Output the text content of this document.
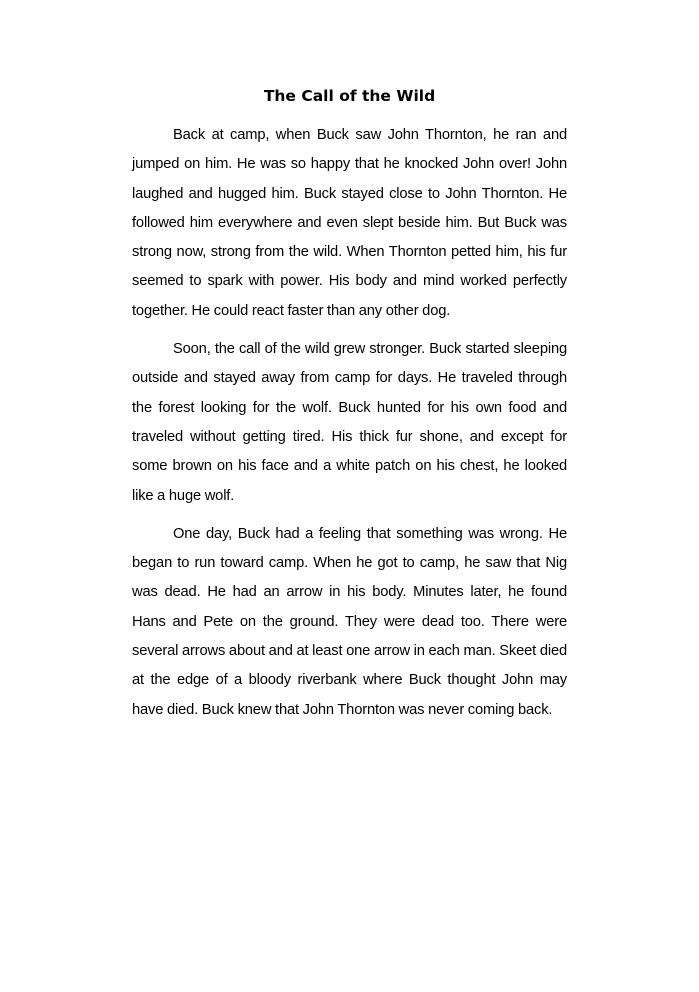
The Call of the Wild

Back at camp, when Buck saw John Thornton, he ran and jumped on him. He was so happy that he knocked John over! John laughed and hugged him. Buck stayed close to John Thornton. He followed him everywhere and even slept beside him. But Buck was strong now, strong from the wild. When Thornton petted him, his fur seemed to spark with power. His body and mind worked perfectly together. He could react faster than any other dog.

Soon, the call of the wild grew stronger. Buck started sleeping outside and stayed away from camp for days. He traveled through the forest looking for the wolf. Buck hunted for his own food and traveled without getting tired. His thick fur shone, and except for some brown on his face and a white patch on his chest, he looked like a huge wolf.

One day, Buck had a feeling that something was wrong. He began to run toward camp. When he got to camp, he saw that Nig was dead. He had an arrow in his body. Minutes later, he found Hans and Pete on the ground. They were dead too. There were several arrows about and at least one arrow in each man. Skeet died at the edge of a bloody riverbank where Buck thought John may have died. Buck knew that John Thornton was never coming back.
